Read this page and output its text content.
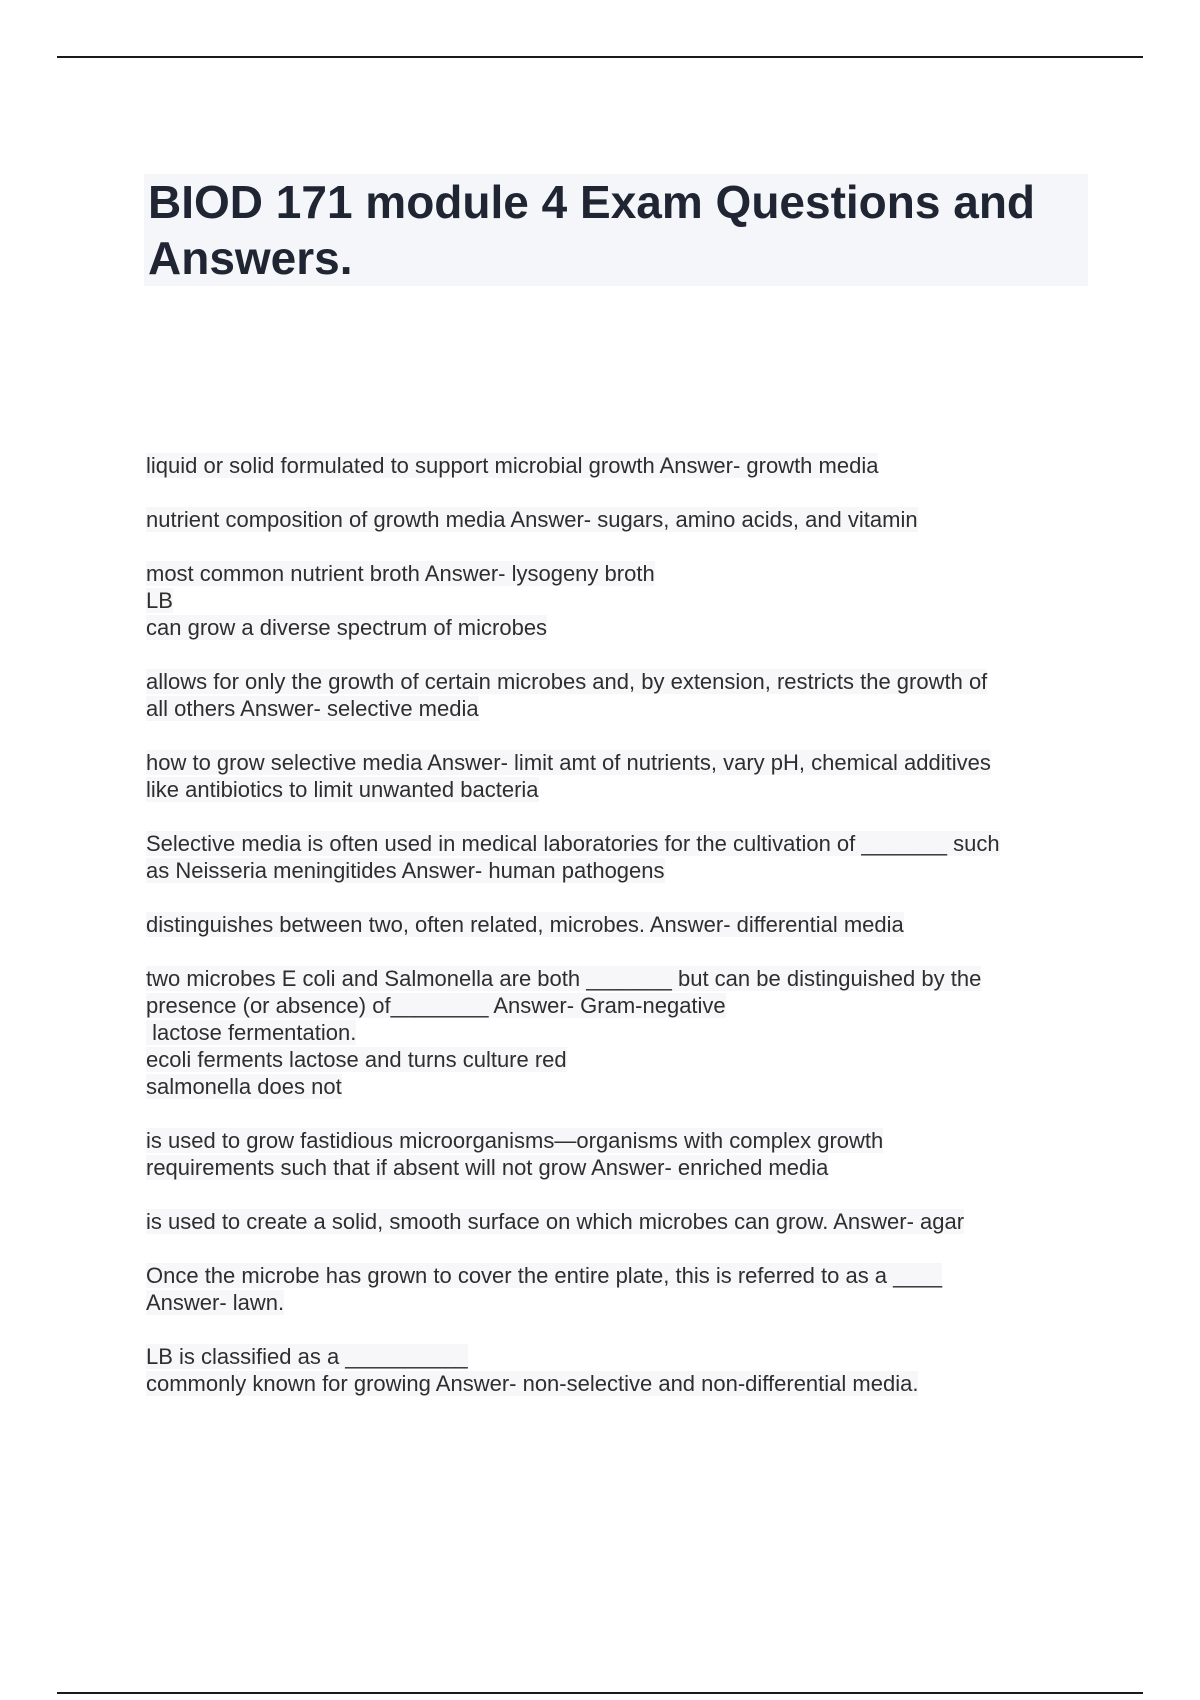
BIOD 171 module 4 Exam Questions and Answers.
liquid or solid formulated to support microbial growth Answer- growth media
nutrient composition of growth media Answer- sugars, amino acids, and vitamin
most common nutrient broth Answer- lysogeny broth
LB
can grow a diverse spectrum of microbes
allows for only the growth of certain microbes and, by extension, restricts the growth of
all others Answer- selective media
how to grow selective media Answer- limit amt of nutrients, vary pH, chemical additives
like antibiotics to limit unwanted bacteria
Selective media is often used in medical laboratories for the cultivation of _______ such
as Neisseria meningitides Answer- human pathogens
distinguishes between two, often related, microbes. Answer- differential media
two microbes E coli and Salmonella are both _______ but can be distinguished by the
presence (or absence) of________ Answer- Gram-negative
lactose fermentation.
ecoli ferments lactose and turns culture red
salmonella does not
is used to grow fastidious microorganisms—organisms with complex growth
requirements such that if absent will not grow Answer- enriched media
is used to create a solid, smooth surface on which microbes can grow. Answer- agar
Once the microbe has grown to cover the entire plate, this is referred to as a ____
Answer- lawn.
LB is classified as a __________
commonly known for growing Answer- non-selective and non-differential media.
